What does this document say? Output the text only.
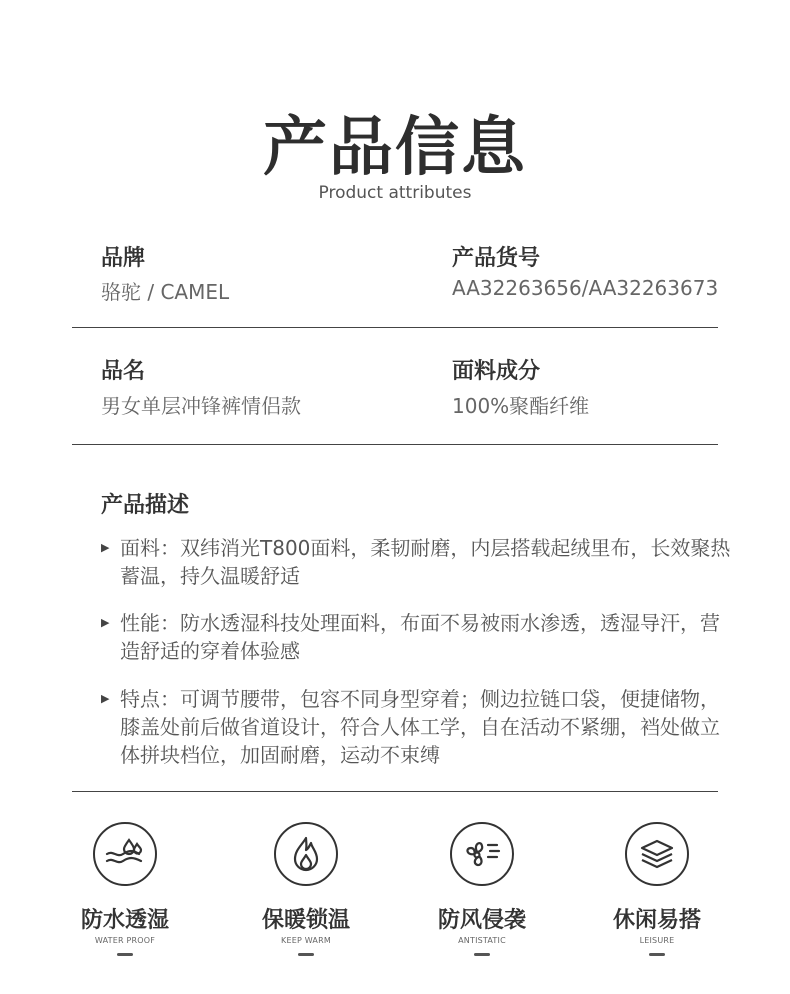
产品信息
Product attributes
品牌
骆驼 / CAMEL
产品货号
AA32263656/AA32263673
品名
男女单层冲锋裤情侣款
面料成分
100%聚酯纤维
产品描述
▶ 面料：双纬消光T800面料，柔韧耐磨，内层搭载起绒里布，长效聚热蓄温，持久温暖舒适
▶ 性能：防水透湿科技处理面料，布面不易被雨水渗透，透湿导汗，营造舒适的穿着体验感
▶ 特点：可调节腰带，包容不同身型穿着；侧边拉链口袋，便捷储物，膝盖处前后做省道设计，符合人体工学，自在活动不紧绷，裆处做立体拼块档位，加固耐磨，运动不束缚
防水透湿
WATER PROOF
保暖锁温
KEEP WARM
防风侵袭
ANTISTATIC
休闲易搭
LEISURE
